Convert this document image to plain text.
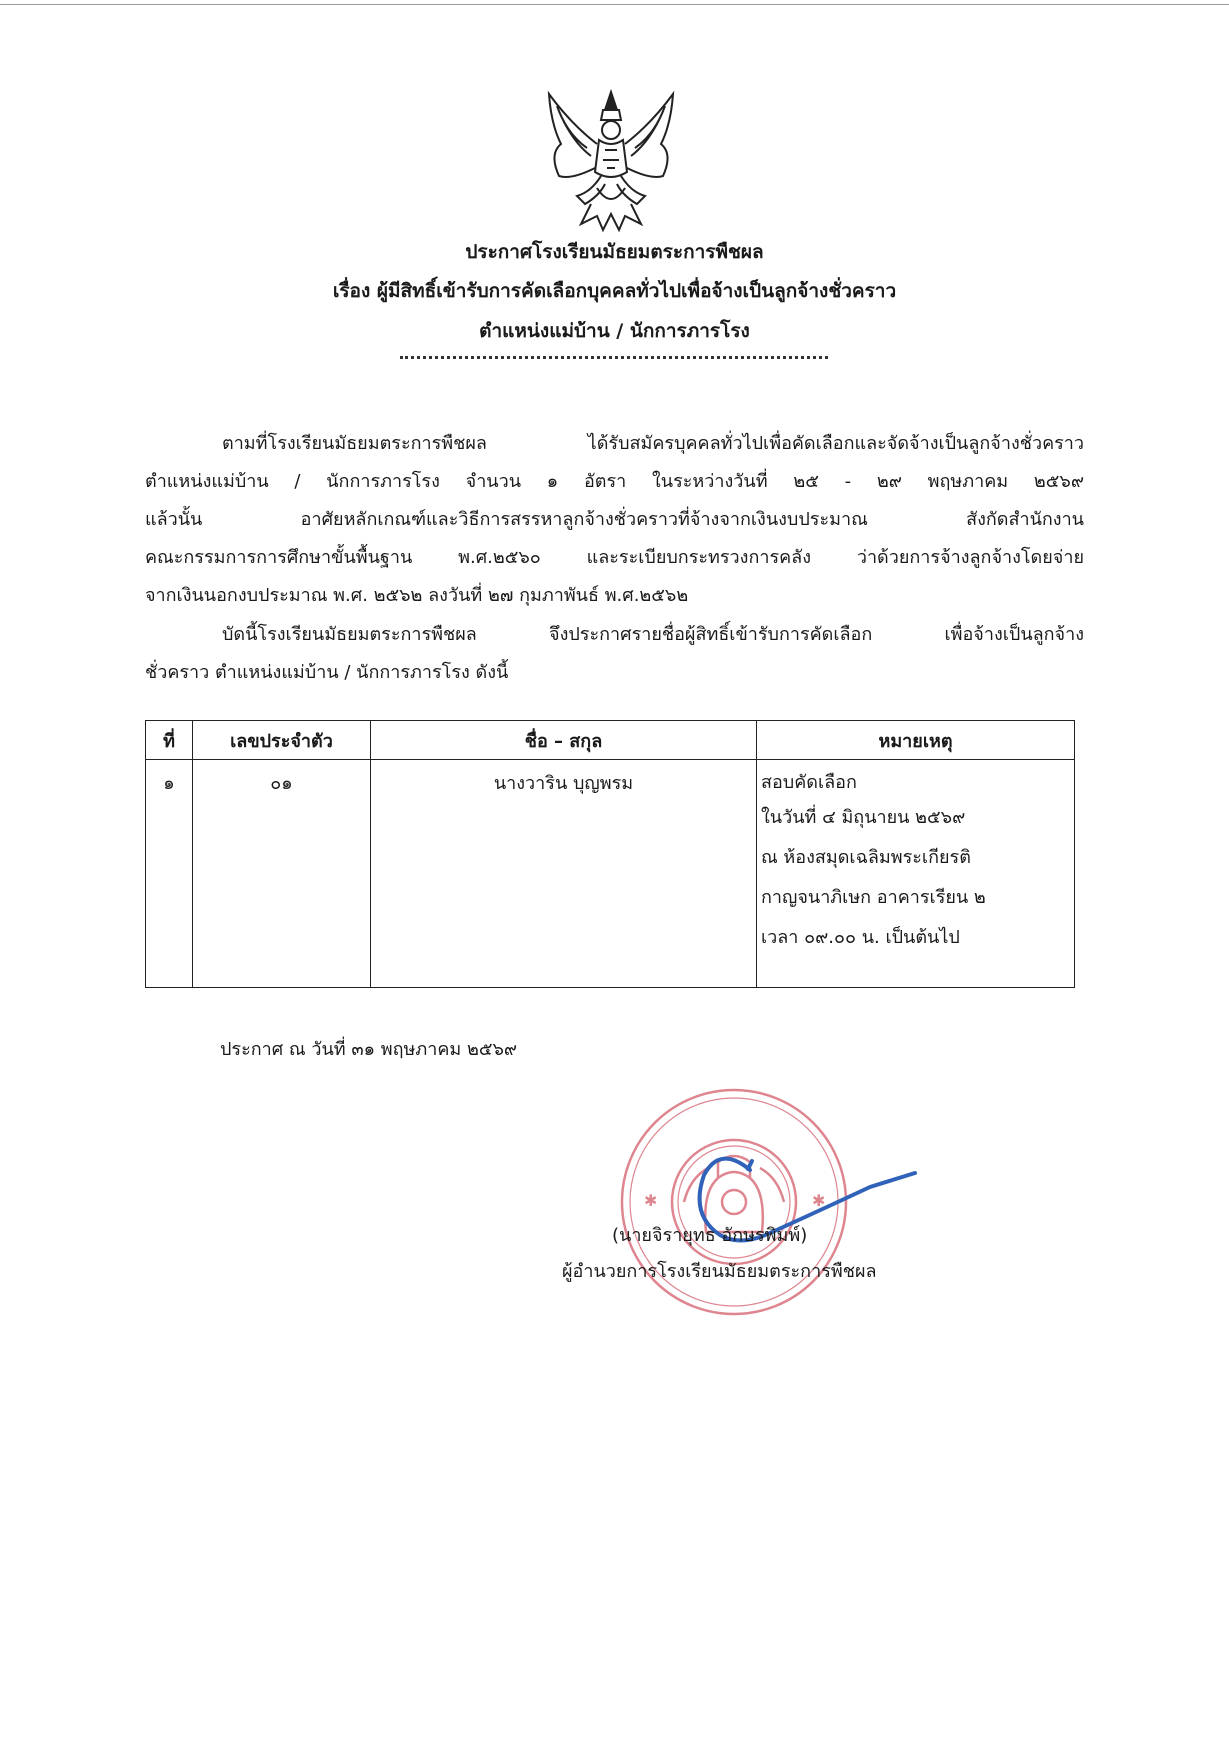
ประกาศโรงเรียนมัธยมตระการพืชผล
เรื่อง ผู้มีสิทธิ์เข้ารับการคัดเลือกบุคคลทั่วไปเพื่อจ้างเป็นลูกจ้างชั่วคราว
ตำแหน่งแม่บ้าน / นักการภารโรง
ตามที่โรงเรียนมัธยมตระการพืชผล ได้รับสมัครบุคคลทั่วไปเพื่อคัดเลือกและจัดจ้างเป็นลูกจ้างชั่วคราว
ตำแหน่งแม่บ้าน / นักการภารโรง จำนวน ๑ อัตรา ในระหว่างวันที่ ๒๕ - ๒๙ พฤษภาคม ๒๕๖๙
แล้วนั้น อาศัยหลักเกณฑ์และวิธีการสรรหาลูกจ้างชั่วคราวที่จ้างจากเงินงบประมาณ สังกัดสำนักงาน
คณะกรรมการการศึกษาขั้นพื้นฐาน พ.ศ.๒๕๖๐ และระเบียบกระทรวงการคลัง ว่าด้วยการจ้างลูกจ้างโดยจ่าย
จากเงินนอกงบประมาณ พ.ศ. ๒๕๖๒ ลงวันที่ ๒๗ กุมภาพันธ์ พ.ศ.๒๕๖๒
บัดนี้โรงเรียนมัธยมตระการพืชผล จึงประกาศรายชื่อผู้สิทธิ์เข้ารับการคัดเลือก เพื่อจ้างเป็นลูกจ้าง
ชั่วคราว ตำแหน่งแม่บ้าน / นักการภารโรง ดังนี้
ที่	เลขประจำตัว	ชื่อ – สกุล	หมายเหตุ
๑	๐๑	นางวาริน บุญพรม	สอบคัดเลือก
ในวันที่ ๔ มิถุนายน ๒๕๖๙
ณ ห้องสมุดเฉลิมพระเกียรติ
กาญจนาภิเษก อาคารเรียน ๒
เวลา ๐๙.๐๐ น. เป็นต้นไป
ประกาศ ณ วันที่ ๓๑ พฤษภาคม ๒๕๖๙
✱	✱
(นายจิรายุทธ อักษรพิมพ์)
ผู้อำนวยการโรงเรียนมัธยมตระการพืชผล
